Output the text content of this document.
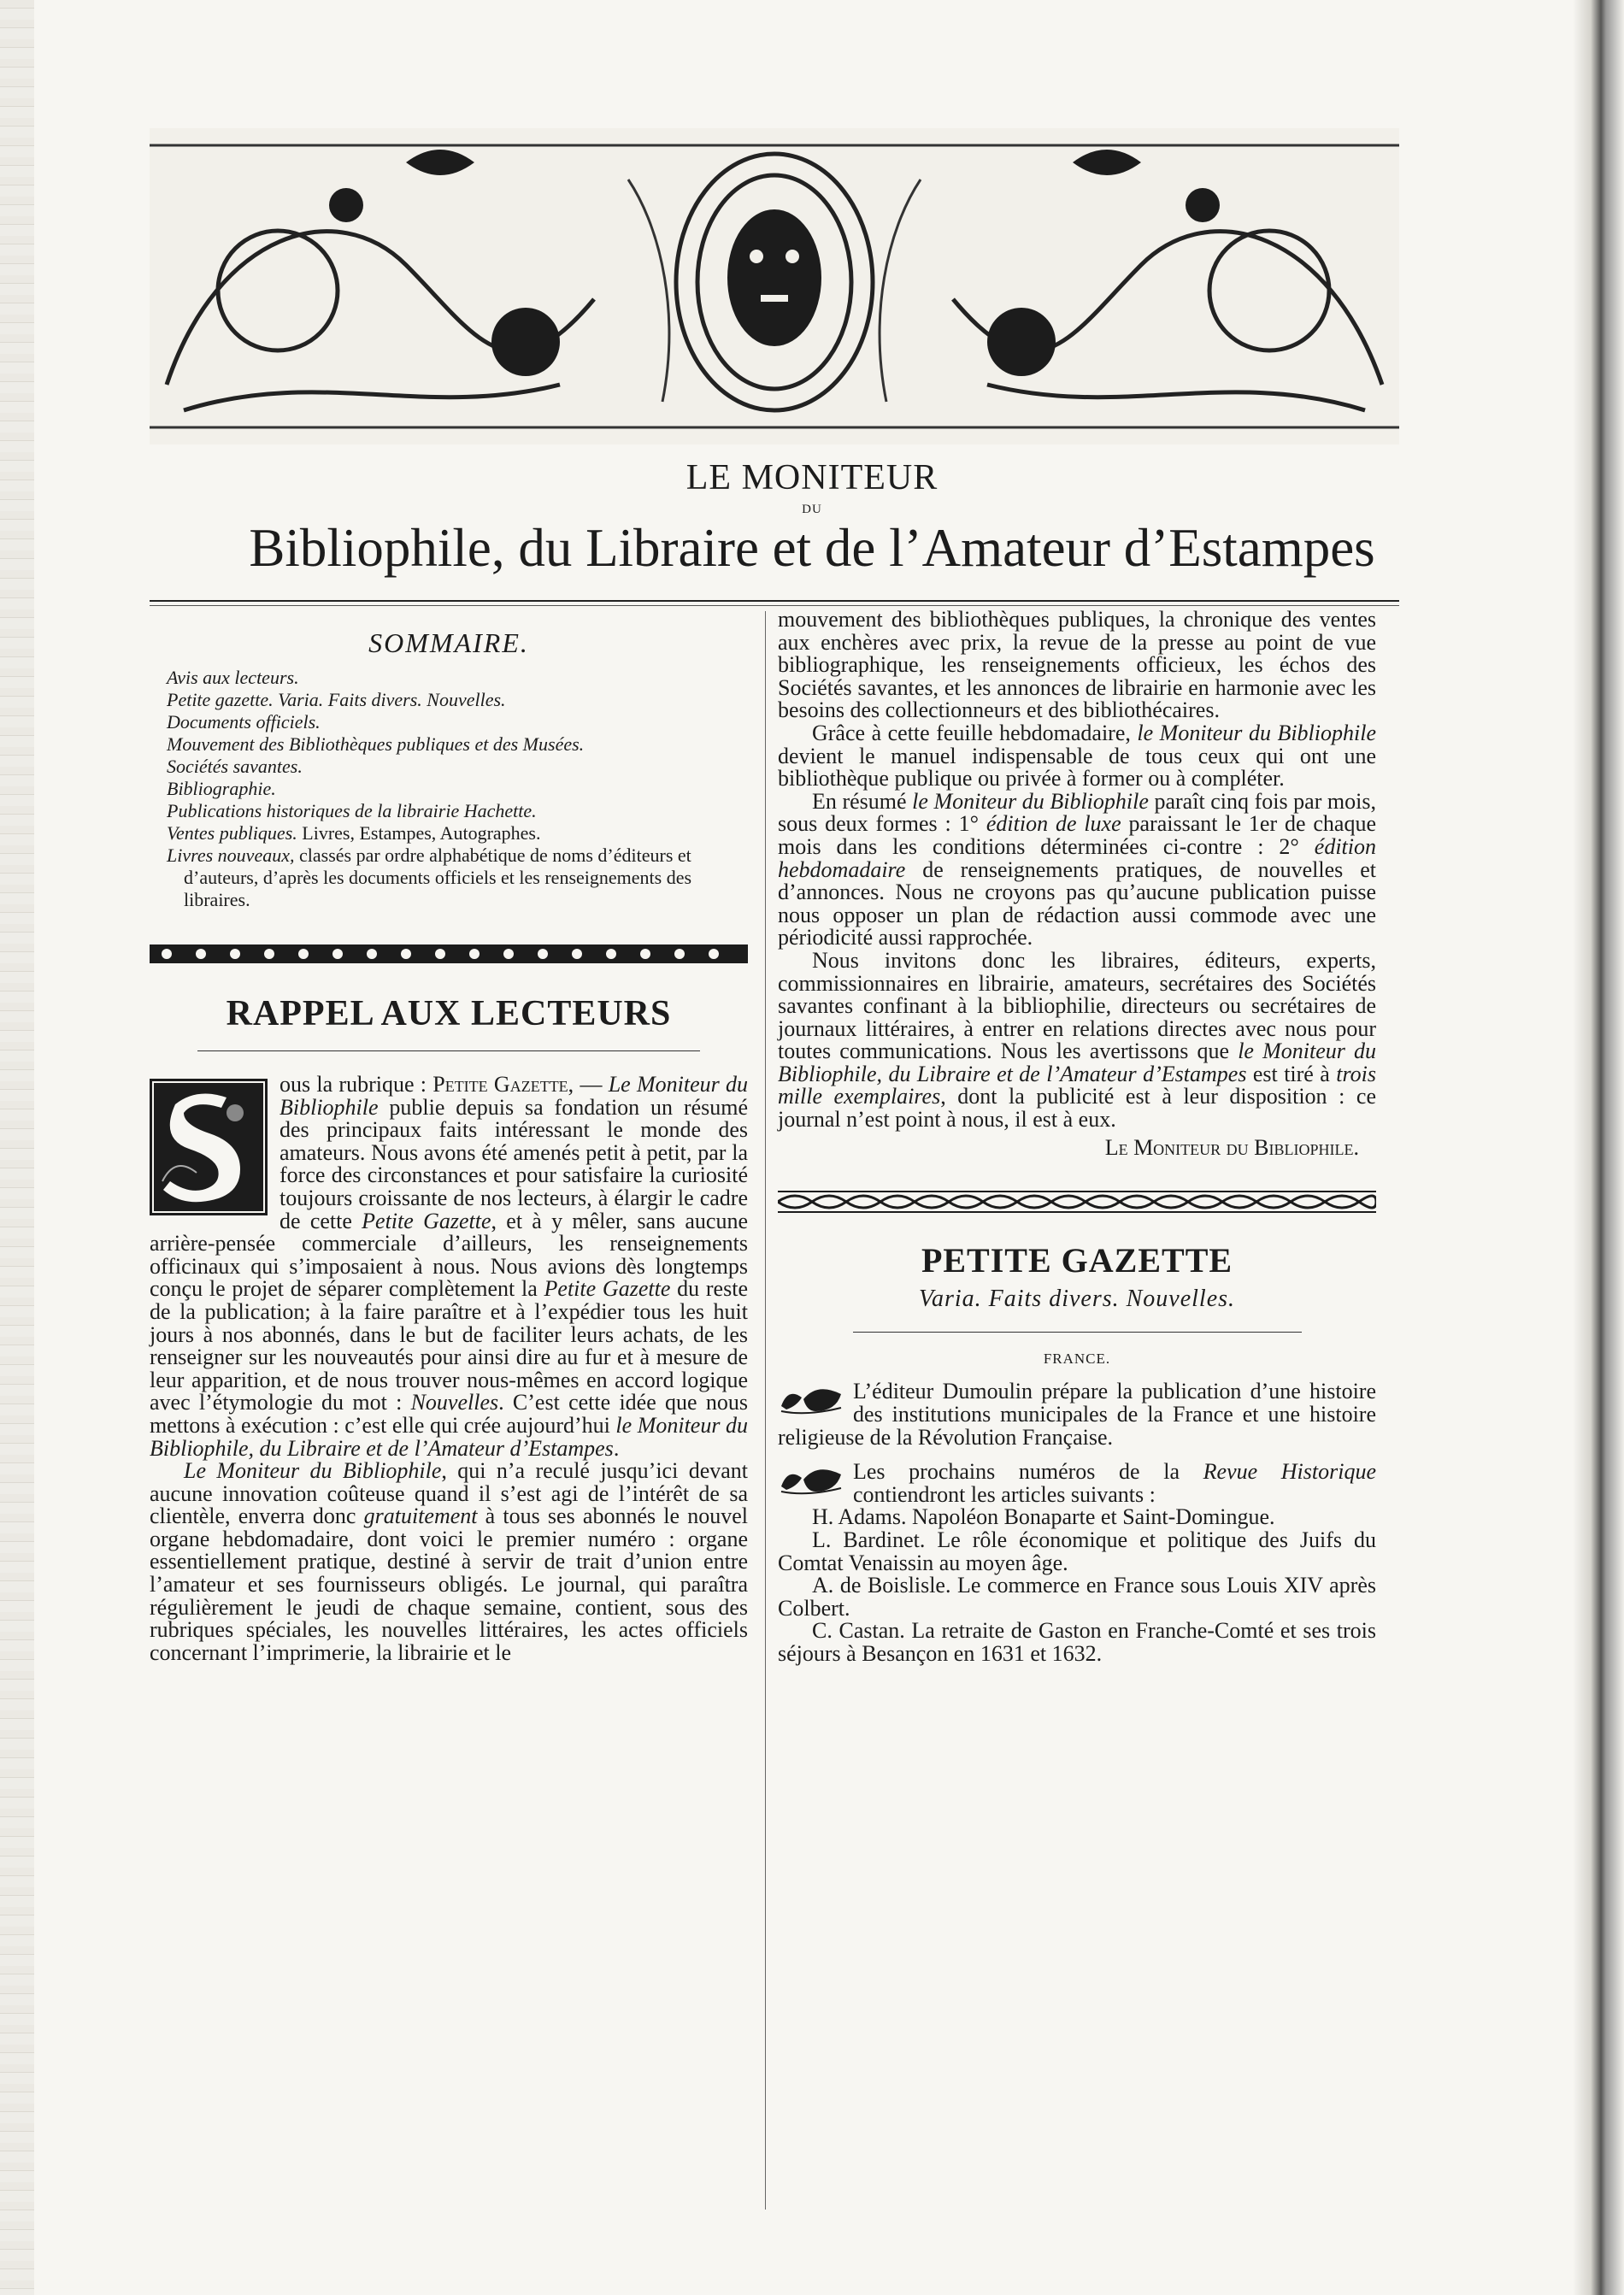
LE MONITEUR
DU
Bibliophile, du Libraire et de l’Amateur d’Estampes
SOMMAIRE.

Avis aux lecteurs.

Petite gazette. Varia. Faits divers. Nouvelles.

Documents officiels.

Mouvement des Bibliothèques publiques et des Musées.

Sociétés savantes.

Bibliographie.

Publications historiques de la librairie Hachette.

Ventes publiques. Livres, Estampes, Autographes.

Livres nouveaux, classés par ordre alphabétique de noms d’éditeurs et d’auteurs, d’après les documents officiels et les renseignements des libraires.

RAPPEL AUX LECTEURS

ous la rubrique : Petite Gazette, — Le Moniteur du Bibliophile publie depuis sa fondation un résumé des principaux faits intéressant le monde des amateurs. Nous avons été amenés petit à petit, par la force des circonstances et pour satisfaire la curiosité toujours croissante de nos lecteurs, à élargir le cadre de cette Petite Gazette, et à y mêler, sans aucune arrière-pensée commerciale d’ailleurs, les renseignements officinaux qui s’imposaient à nous. Nous avions dès longtemps conçu le projet de séparer complètement la Petite Gazette du reste de la publication; à la faire paraître et à l’expédier tous les huit jours à nos abonnés, dans le but de faciliter leurs achats, de les renseigner sur les nouveautés pour ainsi dire au fur et à mesure de leur apparition, et de nous trouver nous-mêmes en accord logique avec l’étymologie du mot : Nouvelles. C’est cette idée que nous mettons à exécution : c’est elle qui crée aujourd’hui le Moniteur du Bibliophile, du Libraire et de l’Amateur d’Estampes.

Le Moniteur du Bibliophile, qui n’a reculé jusqu’ici devant aucune innovation coûteuse quand il s’est agi de l’intérêt de sa clientèle, enverra donc gratuitement à tous ses abonnés le nouvel organe hebdomadaire, dont voici le premier numéro : organe essentiellement pratique, destiné à servir de trait d’union entre l’amateur et ses fournisseurs obligés. Le journal, qui paraîtra régulièrement le jeudi de chaque semaine, contient, sous des rubriques spéciales, les nouvelles littéraires, les actes officiels concernant l’imprimerie, la librairie et le

mouvement des bibliothèques publiques, la chronique des ventes aux enchères avec prix, la revue de la presse au point de vue bibliographique, les renseignements officieux, les échos des Sociétés savantes, et les annonces de librairie en harmonie avec les besoins des collectionneurs et des bibliothécaires.

Grâce à cette feuille hebdomadaire, le Moniteur du Bibliophile devient le manuel indispensable de tous ceux qui ont une bibliothèque publique ou privée à former ou à compléter.

En résumé le Moniteur du Bibliophile paraît cinq fois par mois, sous deux formes : 1° édition de luxe paraissant le 1er de chaque mois dans les conditions déterminées ci-contre : 2° édition hebdomadaire de renseignements pratiques, de nouvelles et d’annonces. Nous ne croyons pas qu’aucune publication puisse nous opposer un plan de rédaction aussi commode avec une périodicité aussi rapprochée.

Nous invitons donc les libraires, éditeurs, experts, commissionnaires en librairie, amateurs, secrétaires des Sociétés savantes confinant à la bibliophilie, directeurs ou secrétaires de journaux littéraires, à entrer en relations directes avec nous pour toutes communications. Nous les avertissons que le Moniteur du Bibliophile, du Libraire et de l’Amateur d’Estampes est tiré à trois mille exemplaires, dont la publicité est à leur disposition : ce journal n’est point à nous, il est à eux.

Le Moniteur du Bibliophile.

PETITE GAZETTE

Varia. Faits divers. Nouvelles.

FRANCE.

L’éditeur Dumoulin prépare la publication d’une histoire des institutions municipales de la France et une histoire religieuse de la Révolution Française.

Les prochains numéros de la Revue Historique contiendront les articles suivants :

H. Adams. Napoléon Bonaparte et Saint-Domingue.

L. Bardinet. Le rôle économique et politique des Juifs du Comtat Venaissin au moyen âge.

A. de Boislisle. Le commerce en France sous Louis XIV après Colbert.

C. Castan. La retraite de Gaston en Franche-Comté et ses trois séjours à Besançon en 1631 et 1632.
